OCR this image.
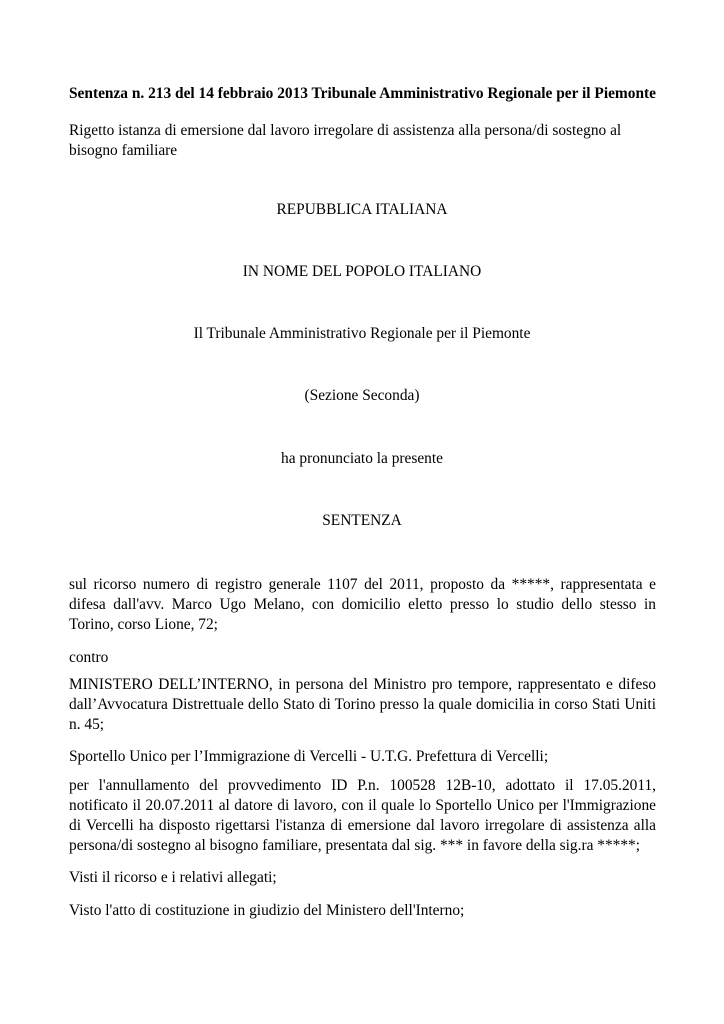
Sentenza n. 213 del 14 febbraio 2013 Tribunale Amministrativo Regionale per il Piemonte

Rigetto istanza di emersione dal lavoro irregolare di assistenza alla persona/di sostegno al bisogno familiare

REPUBBLICA ITALIANA

IN NOME DEL POPOLO ITALIANO

Il Tribunale Amministrativo Regionale per il Piemonte

(Sezione Seconda)

ha pronunciato la presente

SENTENZA

sul ricorso numero di registro generale 1107 del 2011, proposto da *****, rappresentata e difesa dall'avv. Marco Ugo Melano, con domicilio eletto presso lo studio dello stesso in Torino, corso Lione, 72;

contro

MINISTERO DELL’INTERNO, in persona del Ministro pro tempore, rappresentato e difeso dall’Avvocatura Distrettuale dello Stato di Torino presso la quale domicilia in corso Stati Uniti n. 45;

Sportello Unico per l’Immigrazione di Vercelli - U.T.G. Prefettura di Vercelli;

per l'annullamento del provvedimento ID P.n. 100528 12B-10, adottato il 17.05.2011, notificato il 20.07.2011 al datore di lavoro, con il quale lo Sportello Unico per l'Immigrazione di Vercelli ha disposto rigettarsi l'istanza di emersione dal lavoro irregolare di assistenza alla persona/di sostegno al bisogno familiare, presentata dal sig. *** in favore della sig.ra *****;

Visti il ricorso e i relativi allegati;

Visto l'atto di costituzione in giudizio del Ministero dell'Interno;
